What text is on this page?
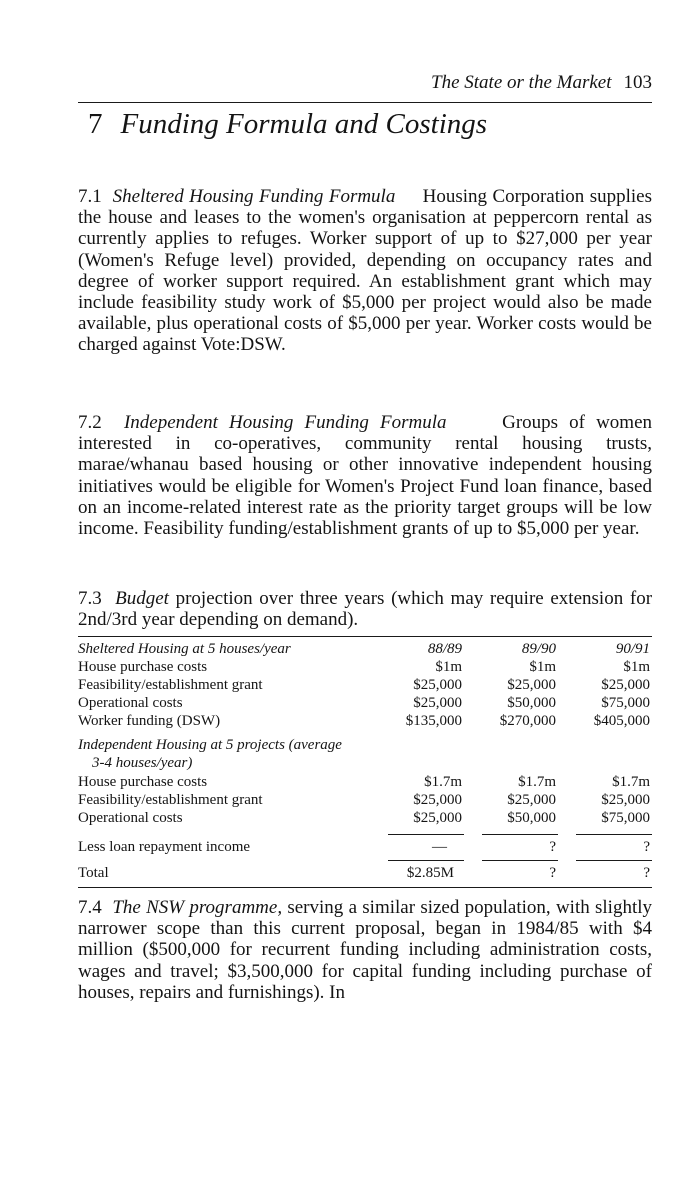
The State or the Market 103
7 Funding Formula and Costings
7.1 Sheltered Housing Funding Formula Housing Corporation supplies the house and leases to the women's organisation at peppercorn rental as currently applies to refuges. Worker support of up to $27,000 per year (Women's Refuge level) provided, depending on occupancy rates and degree of worker support required. An establishment grant which may include feasibility study work of $5,000 per project would also be made available, plus operational costs of $5,000 per year. Worker costs would be charged against Vote:DSW.
7.2 Independent Housing Funding Formula	Groups of women interested in co-operatives, community rental housing trusts, marae/whanau based housing or other innovative independent housing initiatives would be eligible for Women's Project Fund loan finance, based on an income-related interest rate as the priority target groups will be low income. Feasibility funding/establishment grants of up to $5,000 per year.
7.3 Budget projection over three years (which may require extension for 2nd/3rd year depending on demand).
Sheltered Housing at 5 houses/year	88/89	89/90	90/91
House purchase costs	$1m	$1m	$1m
Feasibility/establishment grant	$25,000	$25,000	$25,000
Operational costs	$25,000	$50,000	$75,000
Worker funding (DSW)	$135,000	$270,000	$405,000
Independent Housing at 5 projects (average
3-4 houses/year)
House purchase costs	$1.7m	$1.7m	$1.7m
Feasibility/establishment grant	$25,000	$25,000	$25,000
Operational costs	$25,000	$50,000	$75,000
Less loan repayment income	—	?	?
Total	$2.85M	?	?
7.4 The NSW programme, serving a similar sized population, with slightly narrower scope than this current proposal, began in 1984/85 with $4 million ($500,000 for recurrent funding including administration costs, wages and travel; $3,500,000 for capital funding including purchase of houses, repairs and furnishings). In
